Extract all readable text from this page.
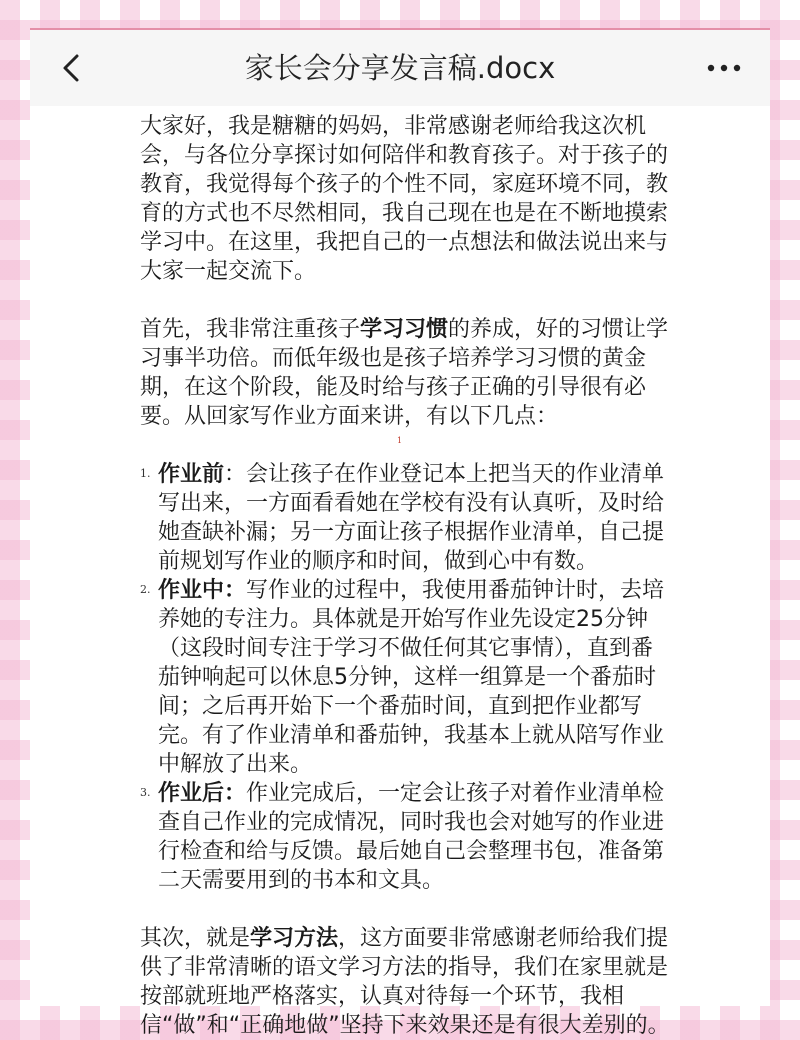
家长会分享发言稿.docx

大家好，我是糖糖的妈妈，非常感谢老师给我这次机会，与各位分享探讨如何陪伴和教育孩子。对于孩子的教育，我觉得每个孩子的个性不同，家庭环境不同，教育的方式也不尽然相同，我自己现在也是在不断地摸索学习中。在这里，我把自己的一点想法和做法说出来与大家一起交流下。

首先，我非常注重孩子学习习惯的养成，好的习惯让学习事半功倍。而低年级也是孩子培养学习习惯的黄金期，在这个阶段，能及时给与孩子正确的引导很有必要。从回家写作业方面来讲，有以下几点：

1. 作业前：会让孩子在作业登记本上把当天的作业清单写出来，一方面看看她在学校有没有认真听，及时给她查缺补漏；另一方面让孩子根据作业清单，自己提前规划写作业的顺序和时间，做到心中有数。
2. 作业中：写作业的过程中，我使用番茄钟计时，去培养她的专注力。具体就是开始写作业先设定25分钟（这段时间专注于学习不做任何其它事情），直到番茄钟响起可以休息5分钟，这样一组算是一个番茄时间；之后再开始下一个番茄时间，直到把作业都写完。有了作业清单和番茄钟，我基本上就从陪写作业中解放了出来。
3. 作业后：作业完成后，一定会让孩子对着作业清单检查自己作业的完成情况，同时我也会对她写的作业进行检查和给与反馈。最后她自己会整理书包，准备第二天需要用到的书本和文具。

其次，就是学习方法，这方面要非常感谢老师给我们提供了非常清晰的语文学习方法的指导，我们在家里就是按部就班地严格落实，认真对待每一个环节，我相信“做”和“正确地做”坚持下来效果还是有很大差别的。

1
